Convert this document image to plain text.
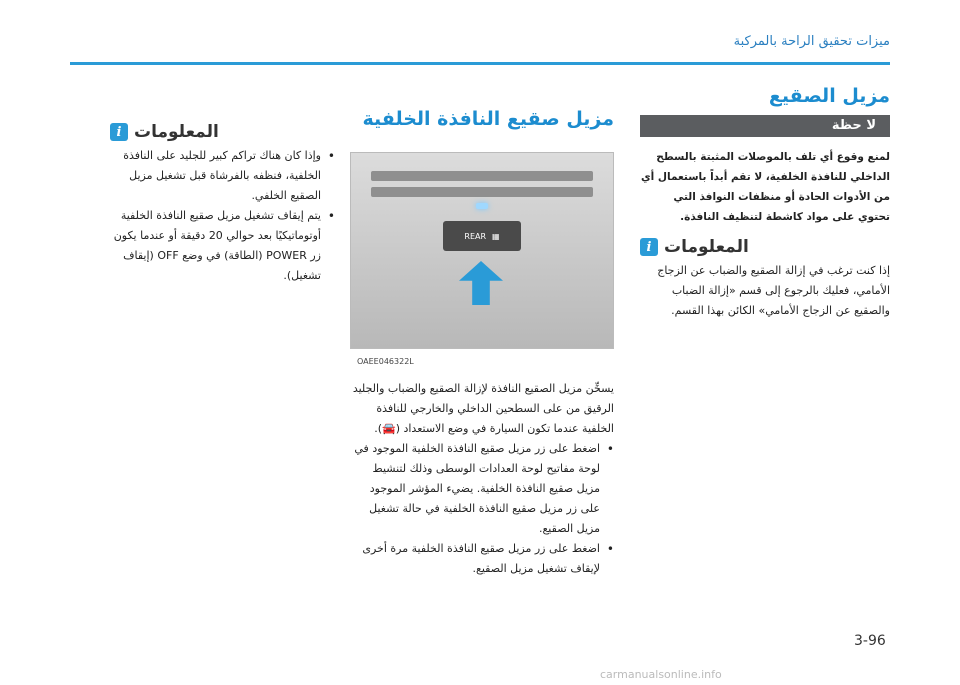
ميزات تحقيق الراحة بالمركبة
مزيل الصقيع
لا حظة

لمنع وقوع أي تلف بالموصلات المثبتة بالسطح الداخلي للنافذة الخلفية، لا تقم أبداً باستعمال أي من الأدوات الحادة أو منظفات النوافذ التي تحتوي على مواد كاشطة لتنظيف النافذة.

i المعلومات

إذا كنت ترغب في إزالة الصقيع والضباب عن الزجاج الأمامي، فعليك بالرجوع إلى قسم «إزالة الضباب والصقيع عن الزجاج الأمامي» الكائن بهذا القسم.

مزيل صقيع النافذة الخلفية
▦
REAR
OAEE046322L

يسخِّن مزيل الصقيع النافذة لإزالة الصقيع والضباب والجليد الرقيق من على السطحين الداخلي والخارجي للنافذة الخلفية عندما تكون السيارة في وضع الاستعداد (🚘).

• اضغط على زر مزيل صقيع النافذة الخلفية الموجود في لوحة مفاتيح لوحة العدادات الوسطى وذلك لتنشيط مزيل صقيع النافذة الخلفية. يضيء المؤشر الموجود على زر مزيل صقيع النافذة الخلفية في حالة تشغيل مزيل الصقيع.

• اضغط على زر مزيل صقيع النافذة الخلفية مرة أخرى لإيقاف تشغيل مزيل الصقيع.

i المعلومات

• وإذا كان هناك تراكم كبير للجليد على النافذة الخلفية، فنظفه بالفرشاة قبل تشغيل مزيل الصقيع الخلفي.

• يتم إيقاف تشغيل مزيل صقيع النافذة الخلفية أوتوماتيكيًا بعد حوالي 20 دقيقة أو عندما يكون زر POWER (الطاقة) في وضع OFF (إيقاف تشغيل).

3-96
carmanualsonline.info
